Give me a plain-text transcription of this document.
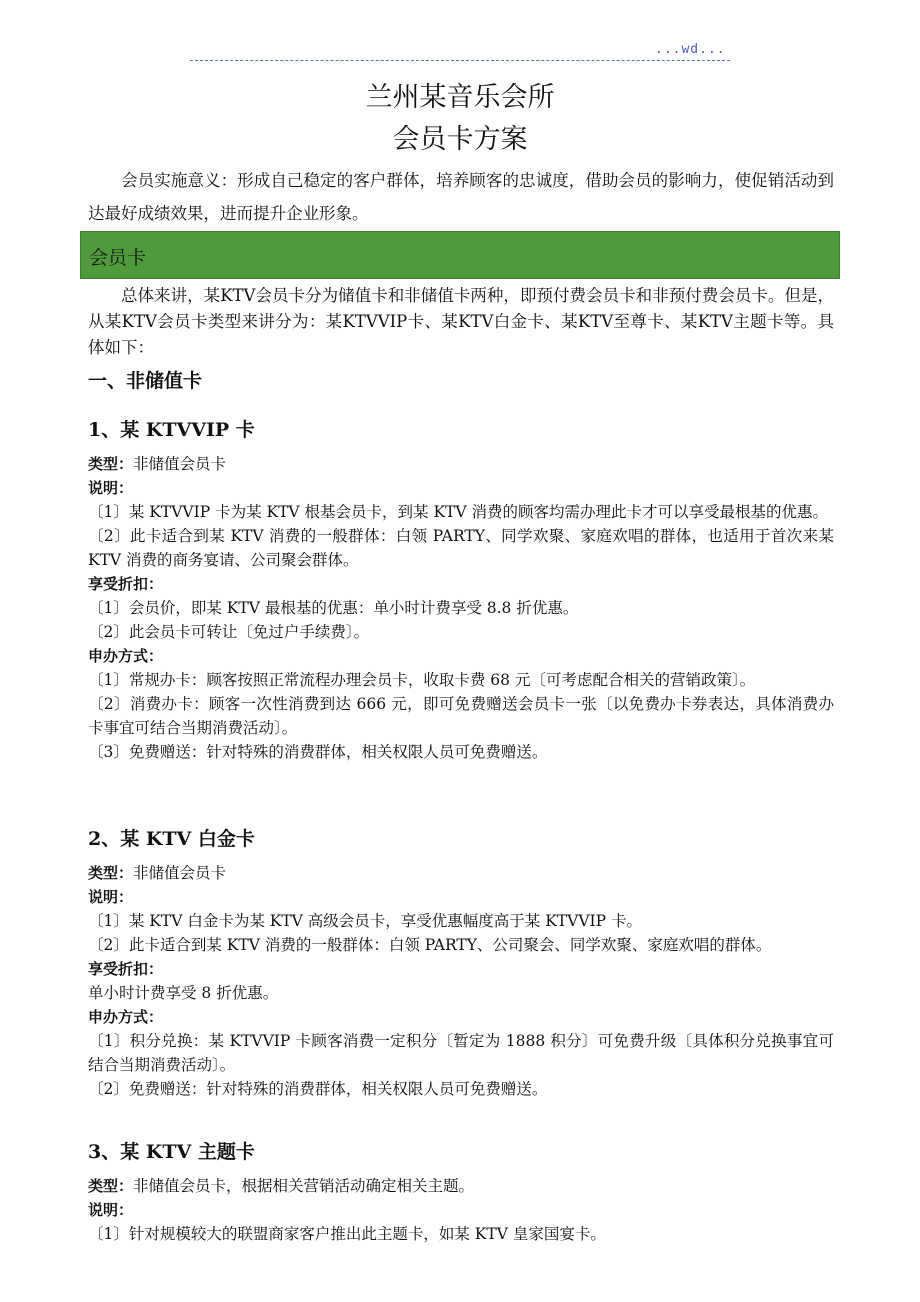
...wd...
兰州某音乐会所
会员卡方案
会员实施意义：形成自己稳定的客户群体，培养顾客的忠诚度，借助会员的影响力，使促销活动到达最好成绩效果，进而提升企业形象。
会员卡
总体来讲，某KTV会员卡分为储值卡和非储值卡两种，即预付费会员卡和非预付费会员卡。但是，从某KTV会员卡类型来讲分为：某KTVVIP卡、某KTV白金卡、某KTV至尊卡、某KTV主题卡等。具体如下：
一、非储值卡
1、某 KTVVIP 卡
类型：非储值会员卡
说明：
〔1〕某 KTVVIP 卡为某 KTV 根基会员卡，到某 KTV 消费的顾客均需办理此卡才可以享受最根基的优惠。
〔2〕此卡适合到某 KTV 消费的一般群体：白领 PARTY、同学欢聚、家庭欢唱的群体，也适用于首次来某 KTV 消费的商务宴请、公司聚会群体。
享受折扣：
〔1〕会员价，即某 KTV 最根基的优惠：单小时计费享受 8.8 折优惠。
〔2〕此会员卡可转让〔免过户手续费〕。
申办方式：
〔1〕常规办卡：顾客按照正常流程办理会员卡，收取卡费 68 元〔可考虑配合相关的营销政策〕。
〔2〕消费办卡：顾客一次性消费到达 666 元，即可免费赠送会员卡一张〔以免费办卡券表达，具体消费办卡事宜可结合当期消费活动〕。
〔3〕免费赠送：针对特殊的消费群体，相关权限人员可免费赠送。
2、某 KTV 白金卡
类型：非储值会员卡
说明：
〔1〕某 KTV 白金卡为某 KTV 高级会员卡，享受优惠幅度高于某 KTVVIP 卡。
〔2〕此卡适合到某 KTV 消费的一般群体：白领 PARTY、公司聚会、同学欢聚、家庭欢唱的群体。
享受折扣：
单小时计费享受 8 折优惠。
申办方式：
〔1〕积分兑换：某 KTVVIP 卡顾客消费一定积分〔暂定为 1888 积分〕可免费升级〔具体积分兑换事宜可结合当期消费活动〕。
〔2〕免费赠送：针对特殊的消费群体，相关权限人员可免费赠送。
3、某 KTV 主题卡
类型：非储值会员卡，根据相关营销活动确定相关主题。
说明：
〔1〕针对规模较大的联盟商家客户推出此主题卡，如某 KTV 皇家国宴卡。
